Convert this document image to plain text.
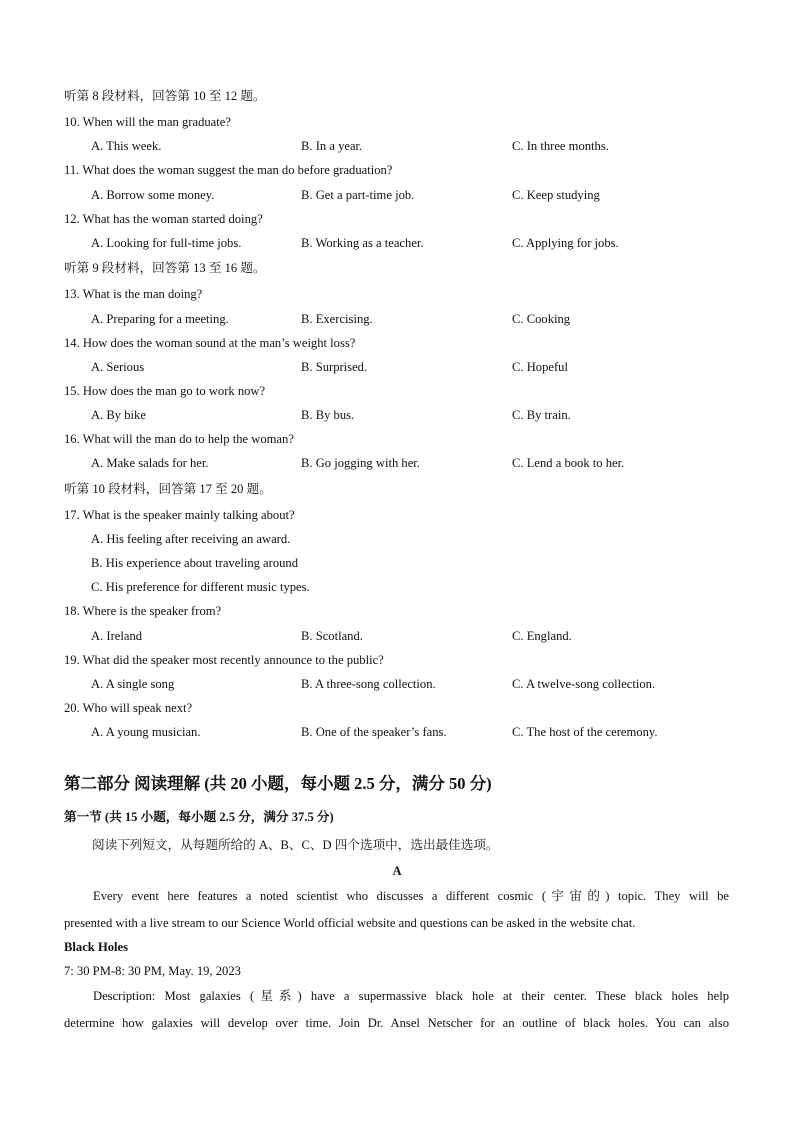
听第 8 段材料，回答第 10 至 12 题。
10. When will the man graduate?
A. This week.	B. In a year.	C. In three months.
11. What does the woman suggest the man do before graduation?
A. Borrow some money.	B. Get a part-time job.	C. Keep studying
12. What has the woman started doing?
A. Looking for full-time jobs.	B. Working as a teacher.	C. Applying for jobs.
听第 9 段材料，回答第 13 至 16 题。
13. What is the man doing?
A. Preparing for a meeting.	B. Exercising.	C. Cooking
14. How does the woman sound at the man’s weight loss?
A. Serious	B. Surprised.	C. Hopeful
15. How does the man go to work now?
A. By bike	B. By bus.	C. By train.
16. What will the man do to help the woman?
A. Make salads for her.	B. Go jogging with her.	C. Lend a book to her.
听第 10 段材料，回答第 17 至 20 题。
17. What is the speaker mainly talking about?
A. His feeling after receiving an award.
B. His experience about traveling around
C. His preference for different music types.
18. Where is the speaker from?
A. Ireland	B. Scotland.	C. England.
19. What did the speaker most recently announce to the public?
A. A single song	B. A three-song collection.	C. A twelve-song collection.
20. Who will speak next?
A. A young musician.	B. One of the speaker’s fans.	C. The host of the ceremony.
第二部分 阅读理解 (共 20 小题，每小题 2.5 分，满分 50 分)
第一节 (共 15 小题，每小题 2.5 分，满分 37.5 分)
阅读下列短文，从每题所给的 A、B、C、D 四个选项中，选出最佳选项。
A
Every event here features a noted scientist who discusses a different cosmic (宇宙的) topic. They will be
presented with a live stream to our Science World official website and questions can be asked in the website chat.
Black Holes
7: 30 PM-8: 30 PM, May. 19, 2023
Description: Most galaxies (星系) have a supermassive black hole at their center. These black holes help
determine how galaxies will develop over time. Join Dr. Ansel Netscher for an outline of black holes. You can also
